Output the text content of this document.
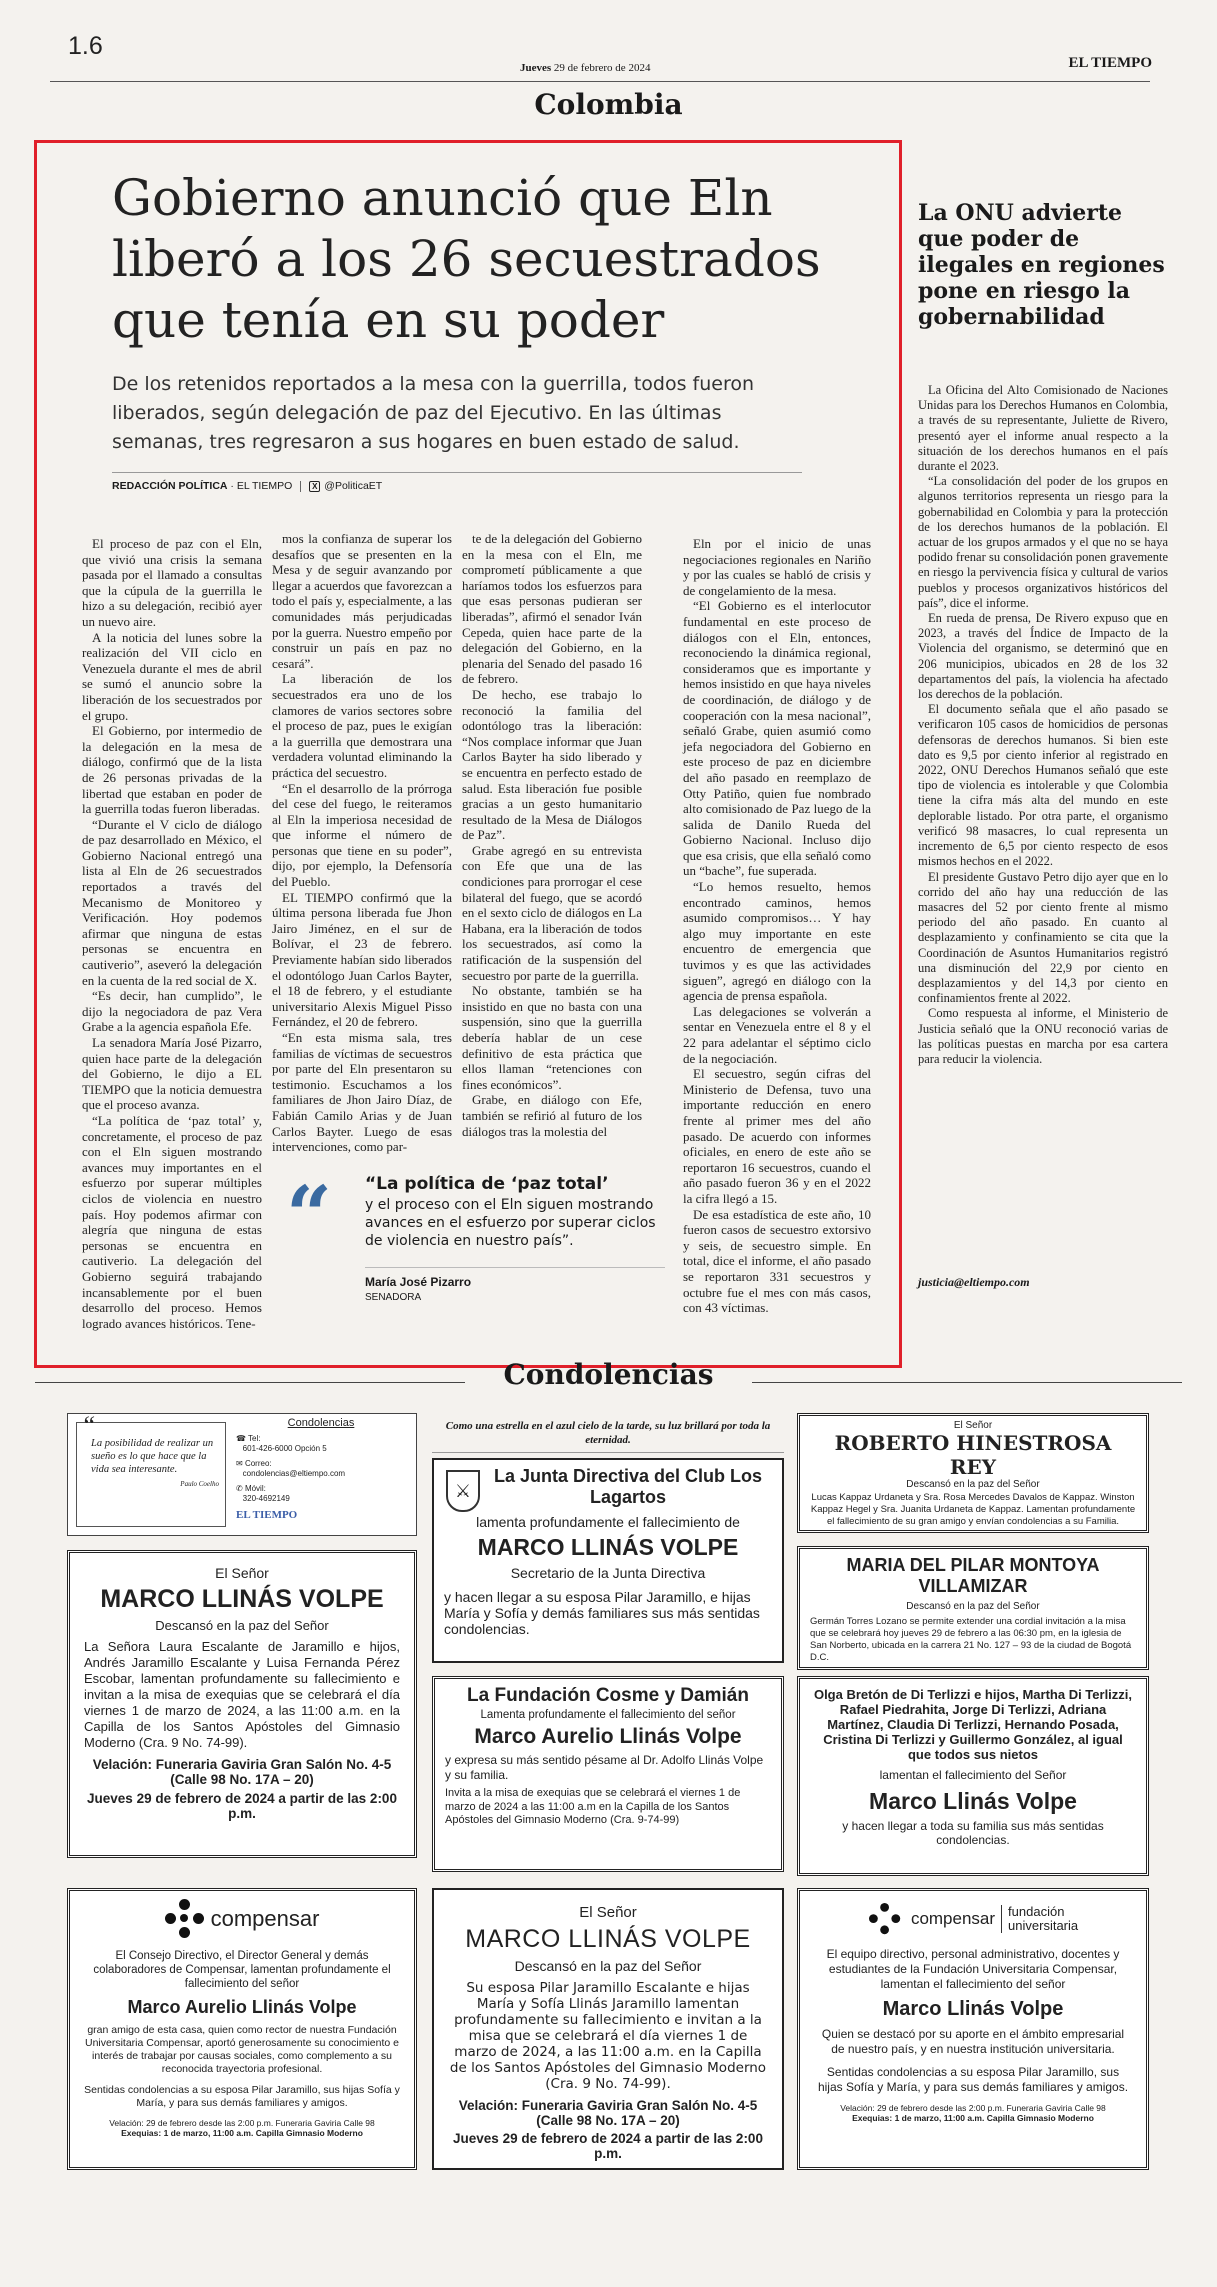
1.6
Jueves 29 de febrero de 2024	EL TIEMPO
Colombia
Gobierno anunció que Eln liberó a los 26 secuestrados que tenía en su poder
De los retenidos reportados a la mesa con la guerrilla, todos fueron liberados, según delegación de paz del Ejecutivo. En las últimas semanas, tres regresaron a sus hogares en buen estado de salud.
REDACCIÓN POLÍTICA · EL TIEMPO X @PoliticaET

El proceso de paz con el Eln, que vivió una crisis la semana pasada por el llamado a consultas que la cúpula de la guerrilla le hizo a su delegación, recibió ayer un nuevo aire.

A la noticia del lunes sobre la realización del VII ciclo en Venezuela durante el mes de abril se sumó el anuncio sobre la liberación de los secuestrados por el grupo.

El Gobierno, por intermedio de la delegación en la mesa de diálogo, confirmó que de la lista de 26 personas privadas de la libertad que estaban en poder de la guerrilla todas fueron liberadas.

“Durante el V ciclo de diálogo de paz desarrollado en México, el Gobierno Nacional entregó una lista al Eln de 26 secuestrados reportados a través del Mecanismo de Monitoreo y Verificación. Hoy podemos afirmar que ninguna de estas personas se encuentra en cautiverio”, aseveró la delegación en la cuenta de la red social de X.

“Es decir, han cumplido”, le dijo la negociadora de paz Vera Grabe a la agencia española Efe.

La senadora María José Pizarro, quien hace parte de la delegación del Gobierno, le dijo a EL TIEMPO que la noticia demuestra que el proceso avanza.

“La política de ‘paz total’ y, concretamente, el proceso de paz con el Eln siguen mostrando avances muy importantes en el esfuerzo por superar múltiples ciclos de violencia en nuestro país. Hoy podemos afirmar con alegría que ninguna de estas personas se encuentra en cautiverio. La delegación del Gobierno seguirá trabajando incansablemente por el buen desarrollo del proceso. Hemos logrado avances históricos. Tene-

mos la confianza de superar los desafíos que se presenten en la Mesa y de seguir avanzando por llegar a acuerdos que favorezcan a todo el país y, especialmente, a las comunidades más perjudicadas por la guerra. Nuestro empeño por construir un país en paz no cesará”.

La liberación de los secuestrados era uno de los clamores de varios sectores sobre el proceso de paz, pues le exigían a la guerrilla que demostrara una verdadera voluntad eliminando la práctica del secuestro.

“En el desarrollo de la prórroga del cese del fuego, le reiteramos al Eln la imperiosa necesidad de que informe el número de personas que tiene en su poder”, dijo, por ejemplo, la Defensoría del Pueblo.

EL TIEMPO confirmó que la última persona liberada fue Jhon Jairo Jiménez, en el sur de Bolívar, el 23 de febrero. Previamente habían sido liberados el odontólogo Juan Carlos Bayter, el 18 de febrero, y el estudiante universitario Alexis Miguel Pisso Fernández, el 20 de febrero.

“En esta misma sala, tres familias de víctimas de secuestros por parte del Eln presentaron su testimonio. Escuchamos a los familiares de Jhon Jairo Díaz, de Fabián Camilo Arias y de Juan Carlos Bayter. Luego de esas intervenciones, como par-

te de la delegación del Gobierno en la mesa con el Eln, me comprometí públicamente a que haríamos todos los esfuerzos para que esas personas pudieran ser liberadas”, afirmó el senador Iván Cepeda, quien hace parte de la delegación del Gobierno, en la plenaria del Senado del pasado 16 de febrero.

De hecho, ese trabajo lo reconoció la familia del odontólogo tras la liberación: “Nos complace informar que Juan Carlos Bayter ha sido liberado y se encuentra en perfecto estado de salud. Esta liberación fue posible gracias a un gesto humanitario resultado de la Mesa de Diálogos de Paz”.

Grabe agregó en su entrevista con Efe que una de las condiciones para prorrogar el cese bilateral del fuego, que se acordó en el sexto ciclo de diálogos en La Habana, era la liberación de todos los secuestrados, así como la ratificación de la suspensión del secuestro por parte de la guerrilla.

No obstante, también se ha insistido en que no basta con una suspensión, sino que la guerrilla debería hablar de un cese definitivo de esta práctica que ellos llaman “retenciones con fines económicos”.

Grabe, en diálogo con Efe, también se refirió al futuro de los diálogos tras la molestia del

Eln por el inicio de unas negociaciones regionales en Nariño y por las cuales se habló de crisis y de congelamiento de la mesa.

“El Gobierno es el interlocutor fundamental en este proceso de diálogos con el Eln, entonces, reconociendo la dinámica regional, consideramos que es importante y hemos insistido en que haya niveles de coordinación, de diálogo y de cooperación con la mesa nacional”, señaló Grabe, quien asumió como jefa negociadora del Gobierno en este proceso de paz en diciembre del año pasado en reemplazo de Otty Patiño, quien fue nombrado alto comisionado de Paz luego de la salida de Danilo Rueda del Gobierno Nacional. Incluso dijo que esa crisis, que ella señaló como un “bache”, fue superada.

“Lo hemos resuelto, hemos encontrado caminos, hemos asumido compromisos… Y hay algo muy importante en este encuentro de emergencia que tuvimos y es que las actividades siguen”, agregó en diálogo con la agencia de prensa española.

Las delegaciones se volverán a sentar en Venezuela entre el 8 y el 22 para adelantar el séptimo ciclo de la negociación.

El secuestro, según cifras del Ministerio de Defensa, tuvo una importante reducción en enero frente al primer mes del año pasado. De acuerdo con informes oficiales, en enero de este año se reportaron 16 secuestros, cuando el año pasado fueron 36 y en el 2022 la cifra llegó a 15.

De esa estadística de este año, 10 fueron casos de secuestro extorsivo y seis, de secuestro simple. En total, dice el informe, el año pasado se reportaron 331 secuestros y octubre fue el mes con más casos, con 43 víctimas.

“ “La política de ‘paz total’
y el proceso con el Eln siguen mostrando avances en el esfuerzo por superar ciclos de violencia en nuestro país”.
María José Pizarro
SENADORA
La ONU advierte que poder de ilegales en regiones pone en riesgo la gobernabilidad

La Oficina del Alto Comisionado de Naciones Unidas para los Derechos Humanos en Colombia, a través de su representante, Juliette de Rivero, presentó ayer el informe anual respecto a la situación de los derechos humanos en el país durante el 2023.

“La consolidación del poder de los grupos en algunos territorios representa un riesgo para la gobernabilidad en Colombia y para la protección de los derechos humanos de la población. El actuar de los grupos armados y el que no se haya podido frenar su consolidación ponen gravemente en riesgo la pervivencia física y cultural de varios pueblos y procesos organizativos históricos del país”, dice el informe.

En rueda de prensa, De Rivero expuso que en 2023, a través del Índice de Impacto de la Violencia del organismo, se determinó que en 206 municipios, ubicados en 28 de los 32 departamentos del país, la violencia ha afectado los derechos de la población.

El documento señala que el año pasado se verificaron 105 casos de homicidios de personas defensoras de derechos humanos. Si bien este dato es 9,5 por ciento inferior al registrado en 2022, ONU Derechos Humanos señaló que este tipo de violencia es intolerable y que Colombia tiene la cifra más alta del mundo en este deplorable listado. Por otra parte, el organismo verificó 98 masacres, lo cual representa un incremento de 6,5 por ciento respecto de esos mismos hechos en el 2022.

El presidente Gustavo Petro dijo ayer que en lo corrido del año hay una reducción de las masacres del 52 por ciento frente al mismo periodo del año pasado. En cuanto al desplazamiento y confinamiento se cita que la Coordinación de Asuntos Humanitarios registró una disminución del 22,9 por ciento en desplazamientos y del 14,3 por ciento en confinamientos frente al 2022.

Como respuesta al informe, el Ministerio de Justicia señaló que la ONU reconoció varias de las políticas puestas en marcha por esa cartera para reducir la violencia.

justicia@eltiempo.com
Condolencias
“
La posibilidad de realizar un sueño es lo que hace que la vida sea interesante.
Paulo Coelho
Condolencias
☎ Tel:
601-426-6000 Opción 5
✉ Correo:
condolencias@eltiempo.com
✆ Móvil:
320-4692149
EL TIEMPO
El Señor
MARCO LLINÁS VOLPE
Descansó en la paz del Señor
La Señora Laura Escalante de Jaramillo e hijos, Andrés Jaramillo Escalante y Luisa Fernanda Pérez Escobar, lamentan profundamente su fallecimiento e invitan a la misa de exequias que se celebrará el día viernes 1 de marzo de 2024, a las 11:00 a.m. en la Capilla de los Santos Apóstoles del Gimnasio Moderno (Cra. 9 No. 74-99).
Velación: Funeraria Gaviria Gran Salón No. 4-5 (Calle 98 No. 17A – 20)
Jueves 29 de febrero de 2024 a partir de las 2:00 p.m.
Como una estrella en el azul cielo de la tarde, su luz brillará por toda la eternidad.
⚔
La Junta Directiva del Club Los Lagartos
lamenta profundamente el fallecimiento de
MARCO LLINÁS VOLPE
Secretario de la Junta Directiva
y hacen llegar a su esposa Pilar Jaramillo, e hijas María y Sofía y demás familiares sus más sentidas condolencias.
El Señor
ROBERTO HINESTROSA REY
Descansó en la paz del Señor
Lucas Kappaz Urdaneta y Sra. Rosa Mercedes Davalos de Kappaz. Winston Kappaz Hegel y Sra. Juanita Urdaneta de Kappaz. Lamentan profundamente el fallecimiento de su gran amigo y envían condolencias a su Familia.
MARIA DEL PILAR MONTOYA VILLAMIZAR
Descansó en la paz del Señor
Germán Torres Lozano se permite extender una cordial invitación a la misa que se celebrará hoy jueves 29 de febrero a las 06:30 pm, en la iglesia de San Norberto, ubicada en la carrera 21 No. 127 – 93 de la ciudad de Bogotá D.C.
La Fundación Cosme y Damián
Lamenta profundamente el fallecimiento del señor
Marco Aurelio Llinás Volpe
y expresa su más sentido pésame al Dr. Adolfo Llinás Volpe y su familia.
Invita a la misa de exequias que se celebrará el viernes 1 de marzo de 2024 a las 11:00 a.m en la Capilla de los Santos Apóstoles del Gimnasio Moderno (Cra. 9-74-99)
Olga Bretón de Di Terlizzi e hijos, Martha Di Terlizzi, Rafael Piedrahita, Jorge Di Terlizzi, Adriana Martínez, Claudia Di Terlizzi, Hernando Posada, Cristina Di Terlizzi y Guillermo González, al igual que todos sus nietos
lamentan el fallecimiento del Señor
Marco Llinás Volpe
y hacen llegar a toda su familia sus más sentidas condolencias.
compensar
El Consejo Directivo, el Director General y demás colaboradores de Compensar, lamentan profundamente el fallecimiento del señor
Marco Aurelio Llinás Volpe
gran amigo de esta casa, quien como rector de nuestra Fundación Universitaria Compensar, aportó generosamente su conocimiento e interés de trabajar por causas sociales, como complemento a su reconocida trayectoria profesional.
Sentidas condolencias a su esposa Pilar Jaramillo, sus hijas Sofía y María, y para sus demás familiares y amigos.
Velación: 29 de febrero desde las 2:00 p.m. Funeraria Gaviria Calle 98
Exequias: 1 de marzo, 11:00 a.m. Capilla Gimnasio Moderno
El Señor
MARCO LLINÁS VOLPE
Descansó en la paz del Señor
Su esposa Pilar Jaramillo Escalante e hijas María y Sofía Llinás Jaramillo lamentan profundamente su fallecimiento e invitan a la misa que se celebrará el día viernes 1 de marzo de 2024, a las 11:00 a.m. en la Capilla de los Santos Apóstoles del Gimnasio Moderno (Cra. 9 No. 74-99).
Velación: Funeraria Gaviria Gran Salón No. 4-5 (Calle 98 No. 17A – 20)
Jueves 29 de febrero de 2024 a partir de las 2:00 p.m.
compensar	fundación universitaria
El equipo directivo, personal administrativo, docentes y estudiantes de la Fundación Universitaria Compensar, lamentan el fallecimiento del señor
Marco Llinás Volpe
Quien se destacó por su aporte en el ámbito empresarial de nuestro país, y en nuestra institución universitaria.
Sentidas condolencias a su esposa Pilar Jaramillo, sus hijas Sofía y María, y para sus demás familiares y amigos.
Velación: 29 de febrero desde las 2:00 p.m. Funeraria Gaviria Calle 98
Exequias: 1 de marzo, 11:00 a.m. Capilla Gimnasio Moderno
